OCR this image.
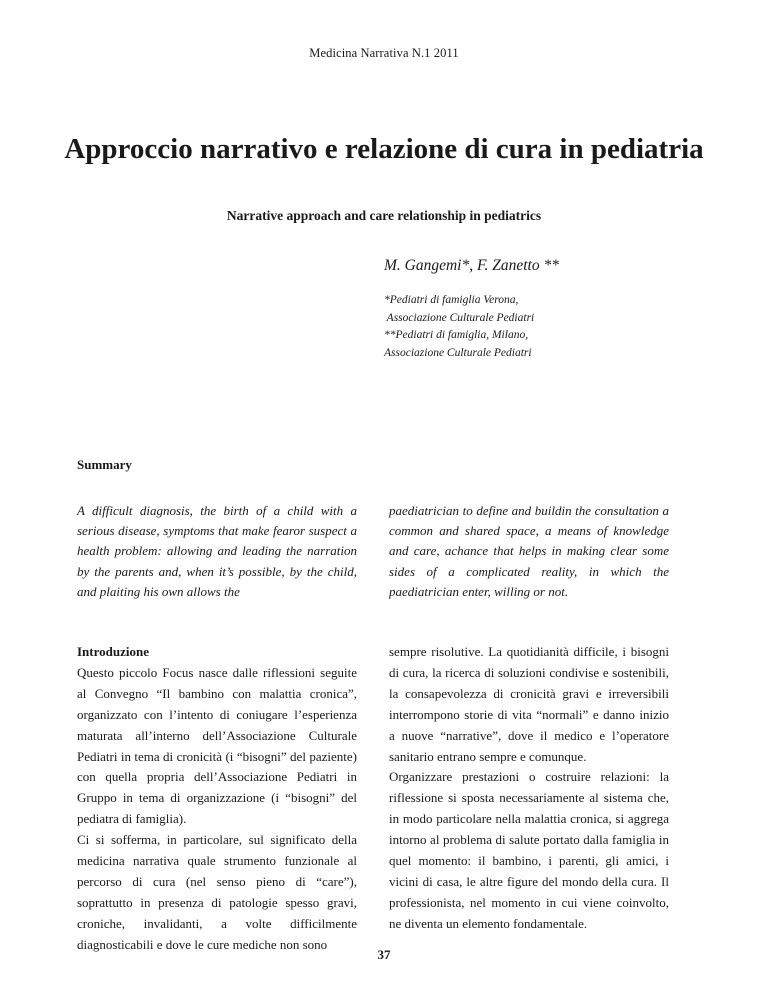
Medicina Narrativa N.1 2011
Approccio narrativo e relazione di cura in pediatria
Narrative approach and care relationship in pediatrics
M. Gangemi*, F. Zanetto **
*Pediatri di famiglia Verona,
Associazione Culturale Pediatri
**Pediatri di famiglia, Milano,
Associazione Culturale Pediatri
Summary
A difficult diagnosis, the birth of a child with a serious disease, symptoms that make fearor suspect a health problem: allowing and leading the narration by the parents and, when it’s possible, by the child, and plaiting his own allows the
paediatrician to define and buildin the consultation a common and shared space, a means of knowledge and care, achance that helps in making clear some sides of a complicated reality, in which the paediatrician enter, willing or not.

Introduzione

Questo piccolo Focus nasce dalle riflessioni seguite al Convegno “Il bambino con malattia cronica”, organizzato con l’intento di coniugare l’esperienza maturata all’interno dell’Associazione Culturale Pediatri in tema di cronicità (i “bisogni” del paziente) con quella propria dell’Associazione Pediatri in Gruppo in tema di organizzazione (i “bisogni” del pediatra di famiglia).

Ci si sofferma, in particolare, sul significato della medicina narrativa quale strumento funzionale al percorso di cura (nel senso pieno di “care”), soprattutto in presenza di patologie spesso gravi, croniche, invalidanti, a volte difficilmente diagnosticabili e dove le cure mediche non sono

sempre risolutive. La quotidianità difficile, i bisogni di cura, la ricerca di soluzioni condivise e sostenibili, la consapevolezza di cronicità gravi e irreversibili interrompono storie di vita “normali” e danno inizio a nuove “narrative”, dove il medico e l’operatore sanitario entrano sempre e comunque.

Organizzare prestazioni o costruire relazioni: la riflessione si sposta necessariamente al sistema che, in modo particolare nella malattia cronica, si aggrega intorno al problema di salute portato dalla famiglia in quel momento: il bambino, i parenti, gli amici, i vicini di casa, le altre figure del mondo della cura. Il professionista, nel momento in cui viene coinvolto, ne diventa un elemento fondamentale.

37
